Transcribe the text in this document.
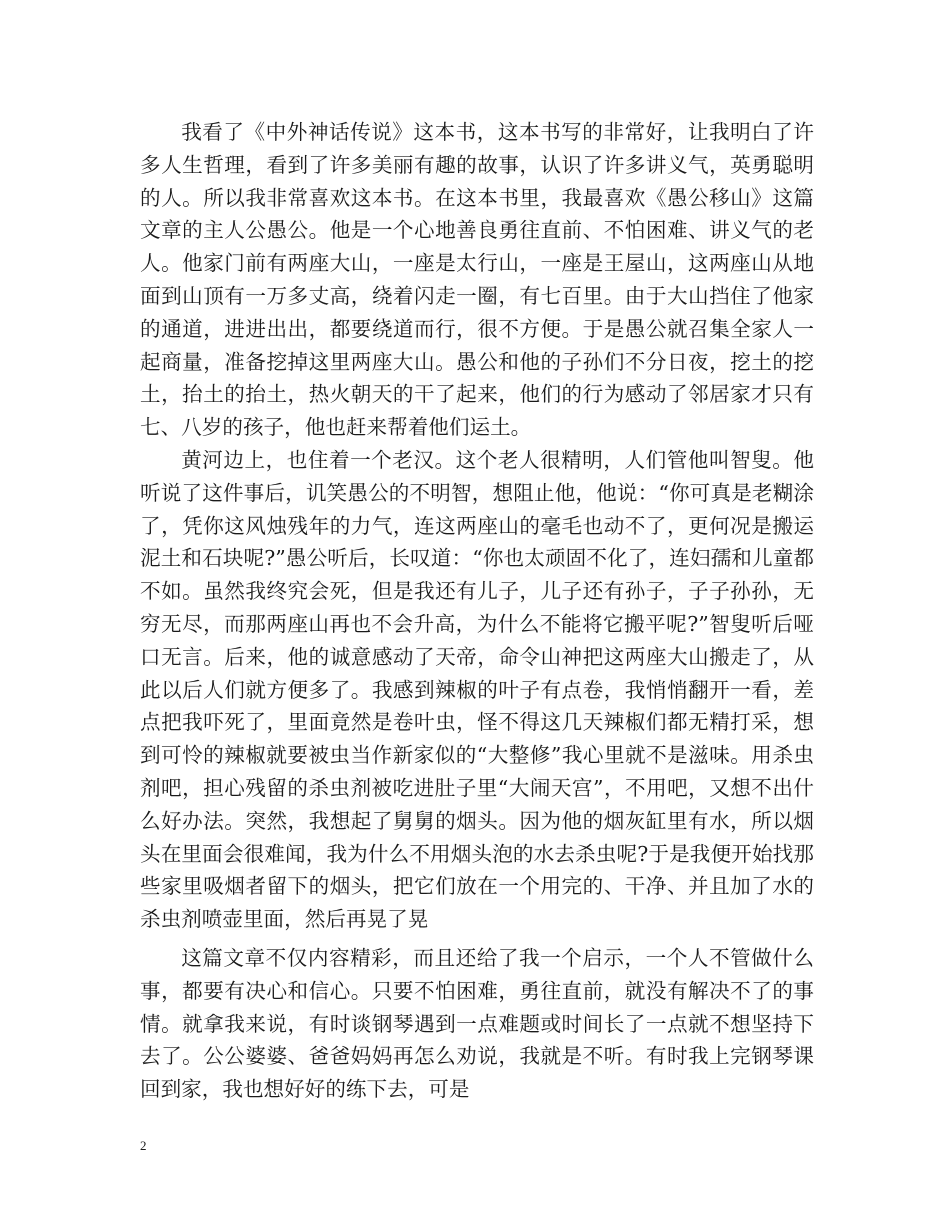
我看了《中外神话传说》这本书，这本书写的非常好，让我明白了许多人生哲理，看到了许多美丽有趣的故事，认识了许多讲义气，英勇聪明的人。所以我非常喜欢这本书。在这本书里，我最喜欢《愚公移山》这篇文章的主人公愚公。他是一个心地善良勇往直前、不怕困难、讲义气的老人。他家门前有两座大山，一座是太行山，一座是王屋山，这两座山从地面到山顶有一万多丈高，绕着闪走一圈，有七百里。由于大山挡住了他家的通道，进进出出，都要绕道而行，很不方便。于是愚公就召集全家人一起商量，准备挖掉这里两座大山。愚公和他的子孙们不分日夜，挖土的挖土，抬土的抬土，热火朝天的干了起来，他们的行为感动了邻居家才只有七、八岁的孩子，他也赶来帮着他们运土。

黄河边上，也住着一个老汉。这个老人很精明，人们管他叫智叟。他听说了这件事后，讥笑愚公的不明智，想阻止他，他说：“你可真是老糊涂了，凭你这风烛残年的力气，连这两座山的毫毛也动不了，更何况是搬运泥土和石块呢?”愚公听后，长叹道：“你也太顽固不化了，连妇孺和儿童都不如。虽然我终究会死，但是我还有儿子，儿子还有孙子，子子孙孙，无穷无尽，而那两座山再也不会升高，为什么不能将它搬平呢?”智叟听后哑口无言。后来，他的诚意感动了天帝，命令山神把这两座大山搬走了，从此以后人们就方便多了。我感到辣椒的叶子有点卷，我悄悄翻开一看，差点把我吓死了，里面竟然是卷叶虫，怪不得这几天辣椒们都无精打采，想到可怜的辣椒就要被虫当作新家似的“大整修”我心里就不是滋味。用杀虫剂吧，担心残留的杀虫剂被吃进肚子里“大闹天宫”，不用吧，又想不出什么好办法。突然，我想起了舅舅的烟头。因为他的烟灰缸里有水，所以烟头在里面会很难闻，我为什么不用烟头泡的水去杀虫呢?于是我便开始找那些家里吸烟者留下的烟头，把它们放在一个用完的、干净、并且加了水的杀虫剂喷壶里面，然后再晃了晃

这篇文章不仅内容精彩，而且还给了我一个启示，一个人不管做什么事，都要有决心和信心。只要不怕困难，勇往直前，就没有解决不了的事情。就拿我来说，有时谈钢琴遇到一点难题或时间长了一点就不想坚持下去了。公公婆婆、爸爸妈妈再怎么劝说，我就是不听。有时我上完钢琴课回到家，我也想好好的练下去，可是

2
